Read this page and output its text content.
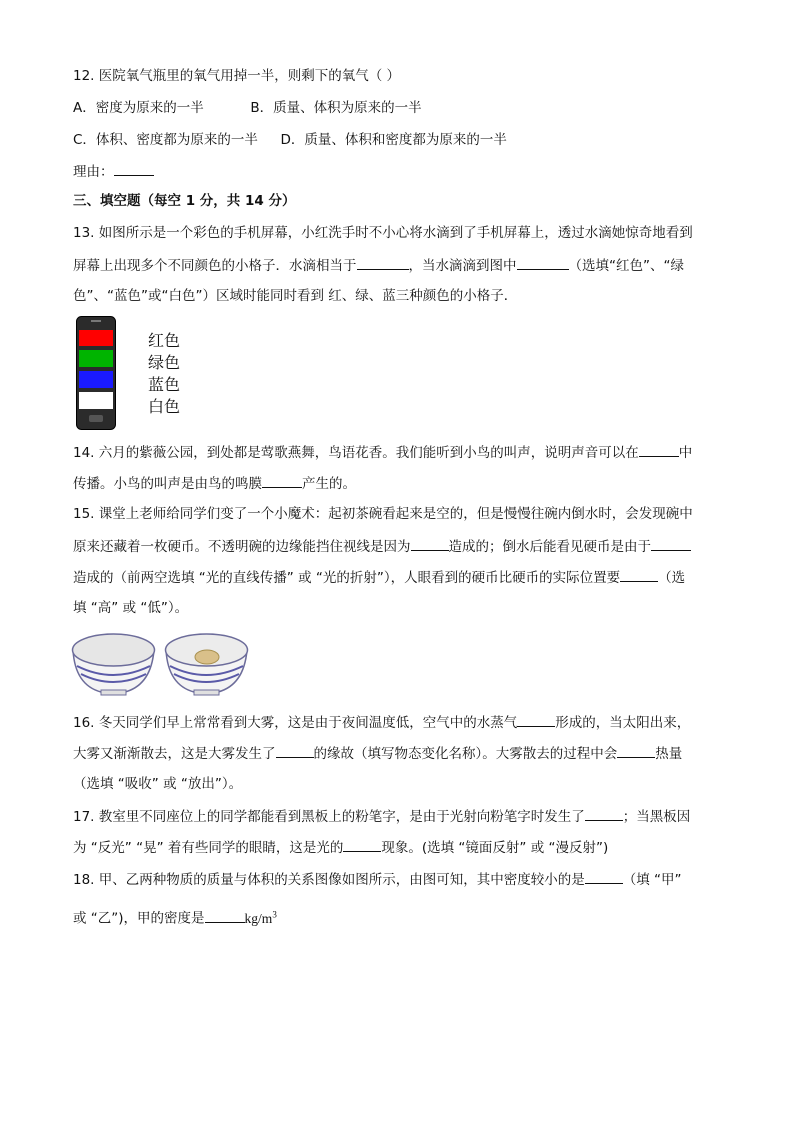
12. 医院氧气瓶里的氧气用掉一半，则剩下的氧气（ ）
A．密度为原来的一半	B．质量、体积为原来的一半
C．体积、密度都为原来的一半 D．质量、体积和密度都为原来的一半
理由：
三、填空题（每空 1 分，共 14 分）
13. 如图所示是一个彩色的手机屏幕，小红洗手时不小心将水滴到了手机屏幕上，透过水滴她惊奇地看到
屏幕上出现多个不同颜色的小格子．水滴相当于	，当水滴滴到图中	（选填“红色”、“绿
色”、“蓝色”或“白色”）区域时能同时看到 红、绿、蓝三种颜色的小格子．
红色
绿色
蓝色
白色
14. 六月的紫薇公园，到处都是莺歌燕舞，鸟语花香。我们能听到小鸟的叫声，说明声音可以在	中
传播。小鸟的叫声是由鸟的鸣膜	产生的。
15. 课堂上老师给同学们变了一个小魔术：起初茶碗看起来是空的，但是慢慢往碗内倒水时，会发现碗中
原来还藏着一枚硬币。不透明碗的边缘能挡住视线是因为	造成的；倒水后能看见硬币是由于
造成的（前两空选填 “光的直线传播” 或 “光的折射”），人眼看到的硬币比硬币的实际位置要	（选
填 “高” 或 “低”）。
16. 冬天同学们早上常常看到大雾，这是由于夜间温度低，空气中的水蒸气	形成的，当太阳出来，
大雾又渐渐散去，这是大雾发生了	的缘故（填写物态变化名称）。大雾散去的过程中会	热量
（选填 “吸收” 或 “放出”）。
17. 教室里不同座位上的同学都能看到黑板上的粉笔字，是由于光射向粉笔字时发生了	；当黑板因
为 “反光” “晃” 着有些同学的眼睛，这是光的	现象。(选填 “镜面反射” 或 “漫反射”)
18. 甲、乙两种物质的质量与体积的关系图像如图所示，由图可知，其中密度较小的是	（填 “甲”
或 “乙”)，甲的密度是	$kg/m^3$
